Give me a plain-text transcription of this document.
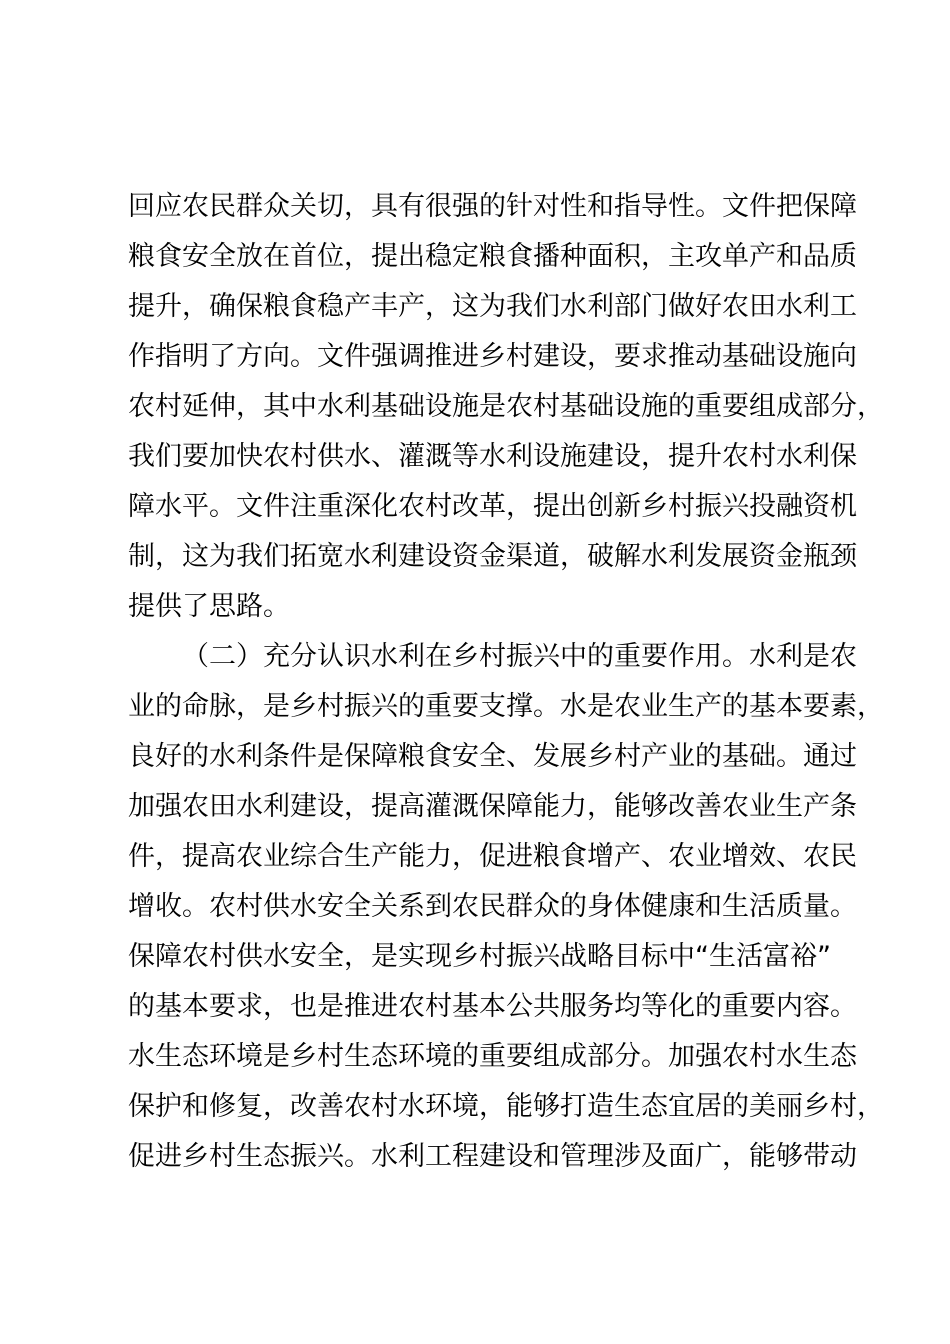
回应农民群众关切，具有很强的针对性和指导性。文件把保障
粮食安全放在首位，提出稳定粮食播种面积，主攻单产和品质
提升，确保粮食稳产丰产，这为我们水利部门做好农田水利工
作指明了方向。文件强调推进乡村建设，要求推动基础设施向
农村延伸，其中水利基础设施是农村基础设施的重要组成部分，
我们要加快农村供水、灌溉等水利设施建设，提升农村水利保
障水平。文件注重深化农村改革，提出创新乡村振兴投融资机
制，这为我们拓宽水利建设资金渠道，破解水利发展资金瓶颈
提供了思路。
（二）充分认识水利在乡村振兴中的重要作用。水利是农
业的命脉，是乡村振兴的重要支撑。水是农业生产的基本要素，
良好的水利条件是保障粮食安全、发展乡村产业的基础。通过
加强农田水利建设，提高灌溉保障能力，能够改善农业生产条
件，提高农业综合生产能力，促进粮食增产、农业增效、农民
增收。农村供水安全关系到农民群众的身体健康和生活质量。
保障农村供水安全，是实现乡村振兴战略目标中“生活富裕”
的基本要求，也是推进农村基本公共服务均等化的重要内容。
水生态环境是乡村生态环境的重要组成部分。加强农村水生态
保护和修复，改善农村水环境，能够打造生态宜居的美丽乡村，
促进乡村生态振兴。水利工程建设和管理涉及面广，能够带动
